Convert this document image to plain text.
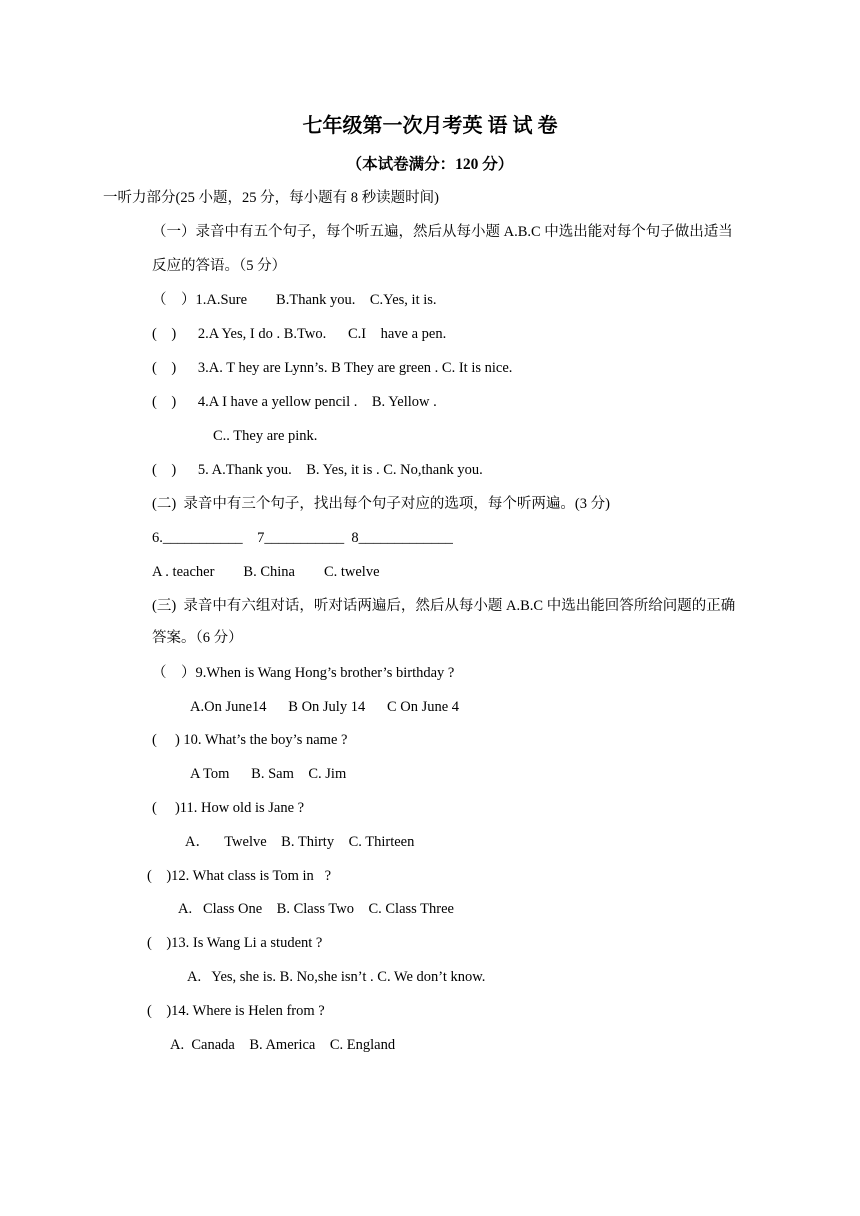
七年级第一次月考英 语 试 卷
（本试卷满分：120 分）
一听力部分(25 小题，25 分，每小题有 8 秒读题时间)
（一）录音中有五个句子，每个听五遍，然后从每小题 A.B.C 中选出能对每个句子做出适当
反应的答语。（5 分）
（    ）1.A.Sure        B.Thank you.    C.Yes, it is.
(    )      2.A Yes, I do . B.Two.      C.I    have a pen.
(    )      3.A. T hey are Lynn’s. B They are green . C. It is nice.
(    )      4.A I have a yellow pencil .    B. Yellow .
C.. They are pink.
(    )      5. A.Thank you.    B. Yes, it is . C. No,thank you.
(二)  录音中有三个句子，找出每个句子对应的选项，每个听两遍。(3 分)
6.___________    7___________  8_____________
A . teacher        B. China        C. twelve
(三)  录音中有六组对话，听对话两遍后，然后从每小题 A.B.C 中选出能回答所给问题的正确
答案。（6 分）
（    ）9.When is Wang Hong’s brother’s birthday ?
A.On June14      B On July 14      C On June 4
(     ) 10. What’s the boy’s name ?
A Tom      B. Sam    C. Jim
(     )11. How old is Jane ?
A．    Twelve    B. Thirty    C. Thirteen
(    )12. What class is Tom in   ?
A.   Class One    B. Class Two    C. Class Three
(    )13. Is Wang Li a student ?
A.   Yes, she is. B. No,she isn’t . C. We don’t know.
(    )14. Where is Helen from ?
A.  Canada    B. America    C. England
